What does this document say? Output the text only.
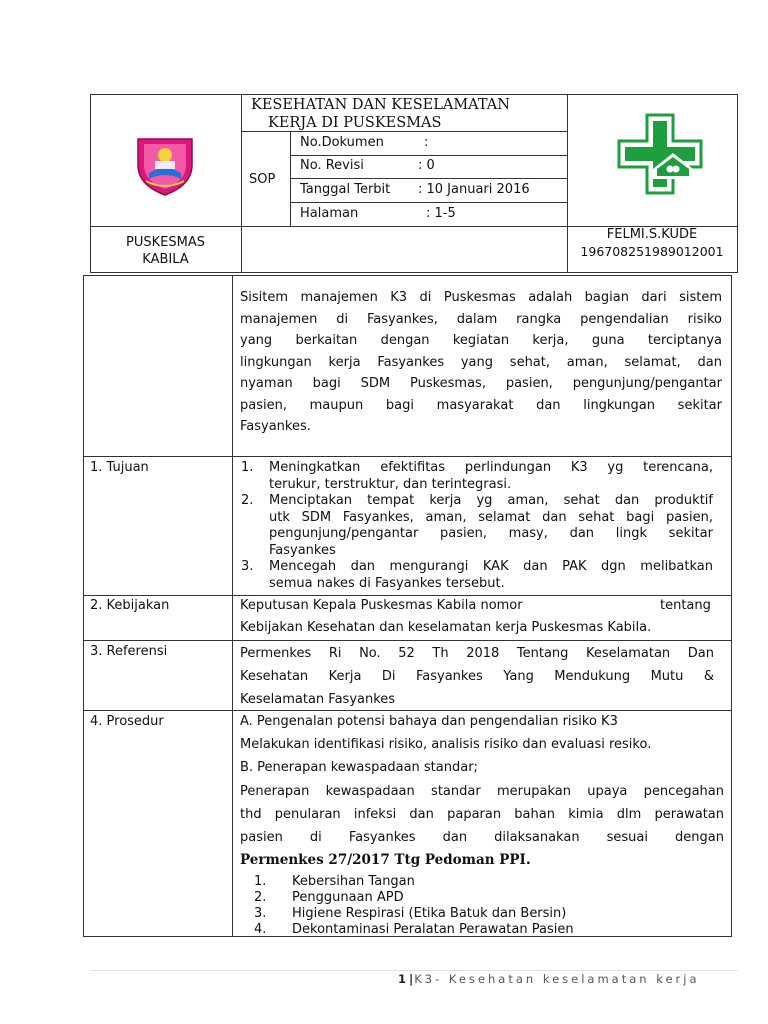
KESEHATAN DAN KESELAMATAN
KERJA DI PUSKESMAS
SOP
No.Dokumen	:
No. Revisi	: 0
Tanggal Terbit : 10 Januari 2016
Halaman	: 1-5
PUSKESMAS
KABILA
FELMI.S.KUDE
196708251989012001
Sisitem manajemen K3 di Puskesmas adalah bagian dari sistem
manajemen di Fasyankes, dalam rangka pengendalian risiko
yang berkaitan dengan kegiatan kerja, guna terciptanya
lingkungan kerja Fasyankes yang sehat, aman, selamat, dan
nyaman bagi SDM Puskesmas, pasien, pengunjung/pengantar
pasien, maupun bagi masyarakat dan lingkungan sekitar
Fasyankes.
1. Tujuan	1. Meningkatkan efektifitas perlindungan K3 yg terencana,
terukur, terstruktur, dan terintegrasi.
2. Menciptakan tempat kerja yg aman, sehat dan produktif
utk SDM Fasyankes, aman, selamat dan sehat bagi pasien,
pengunjung/pengantar pasien, masy, dan lingk sekitar
Fasyankes
3. Mencegah dan mengurangi KAK dan PAK dgn melibatkan
semua nakes di Fasyankes tersebut.
2. Kebijakan	Keputusan Kepala Puskesmas Kabila nomor	tentang
Kebijakan Kesehatan dan keselamatan kerja Puskesmas Kabila.
3. Referensi	Permenkes Ri No. 52 Th 2018 Tentang Keselamatan Dan
Kesehatan Kerja Di Fasyankes Yang Mendukung Mutu &
Keselamatan Fasyankes
4. Prosedur	A. Pengenalan potensi bahaya dan pengendalian risiko K3
Melakukan identifikasi risiko, analisis risiko dan evaluasi resiko.
B. Penerapan kewaspadaan standar;
Penerapan kewaspadaan standar merupakan upaya pencegahan
thd penularan infeksi dan paparan bahan kimia dlm perawatan
pasien di Fasyankes dan dilaksanakan sesuai dengan
Permenkes 27/2017 Ttg Pedoman PPI.
1. Kebersihan Tangan
2. Penggunaan APD
3. Higiene Respirasi (Etika Batuk dan Bersin)
4. Dekontaminasi Peralatan Perawatan Pasien
1|K3- Kesehatan keselamatan kerja
